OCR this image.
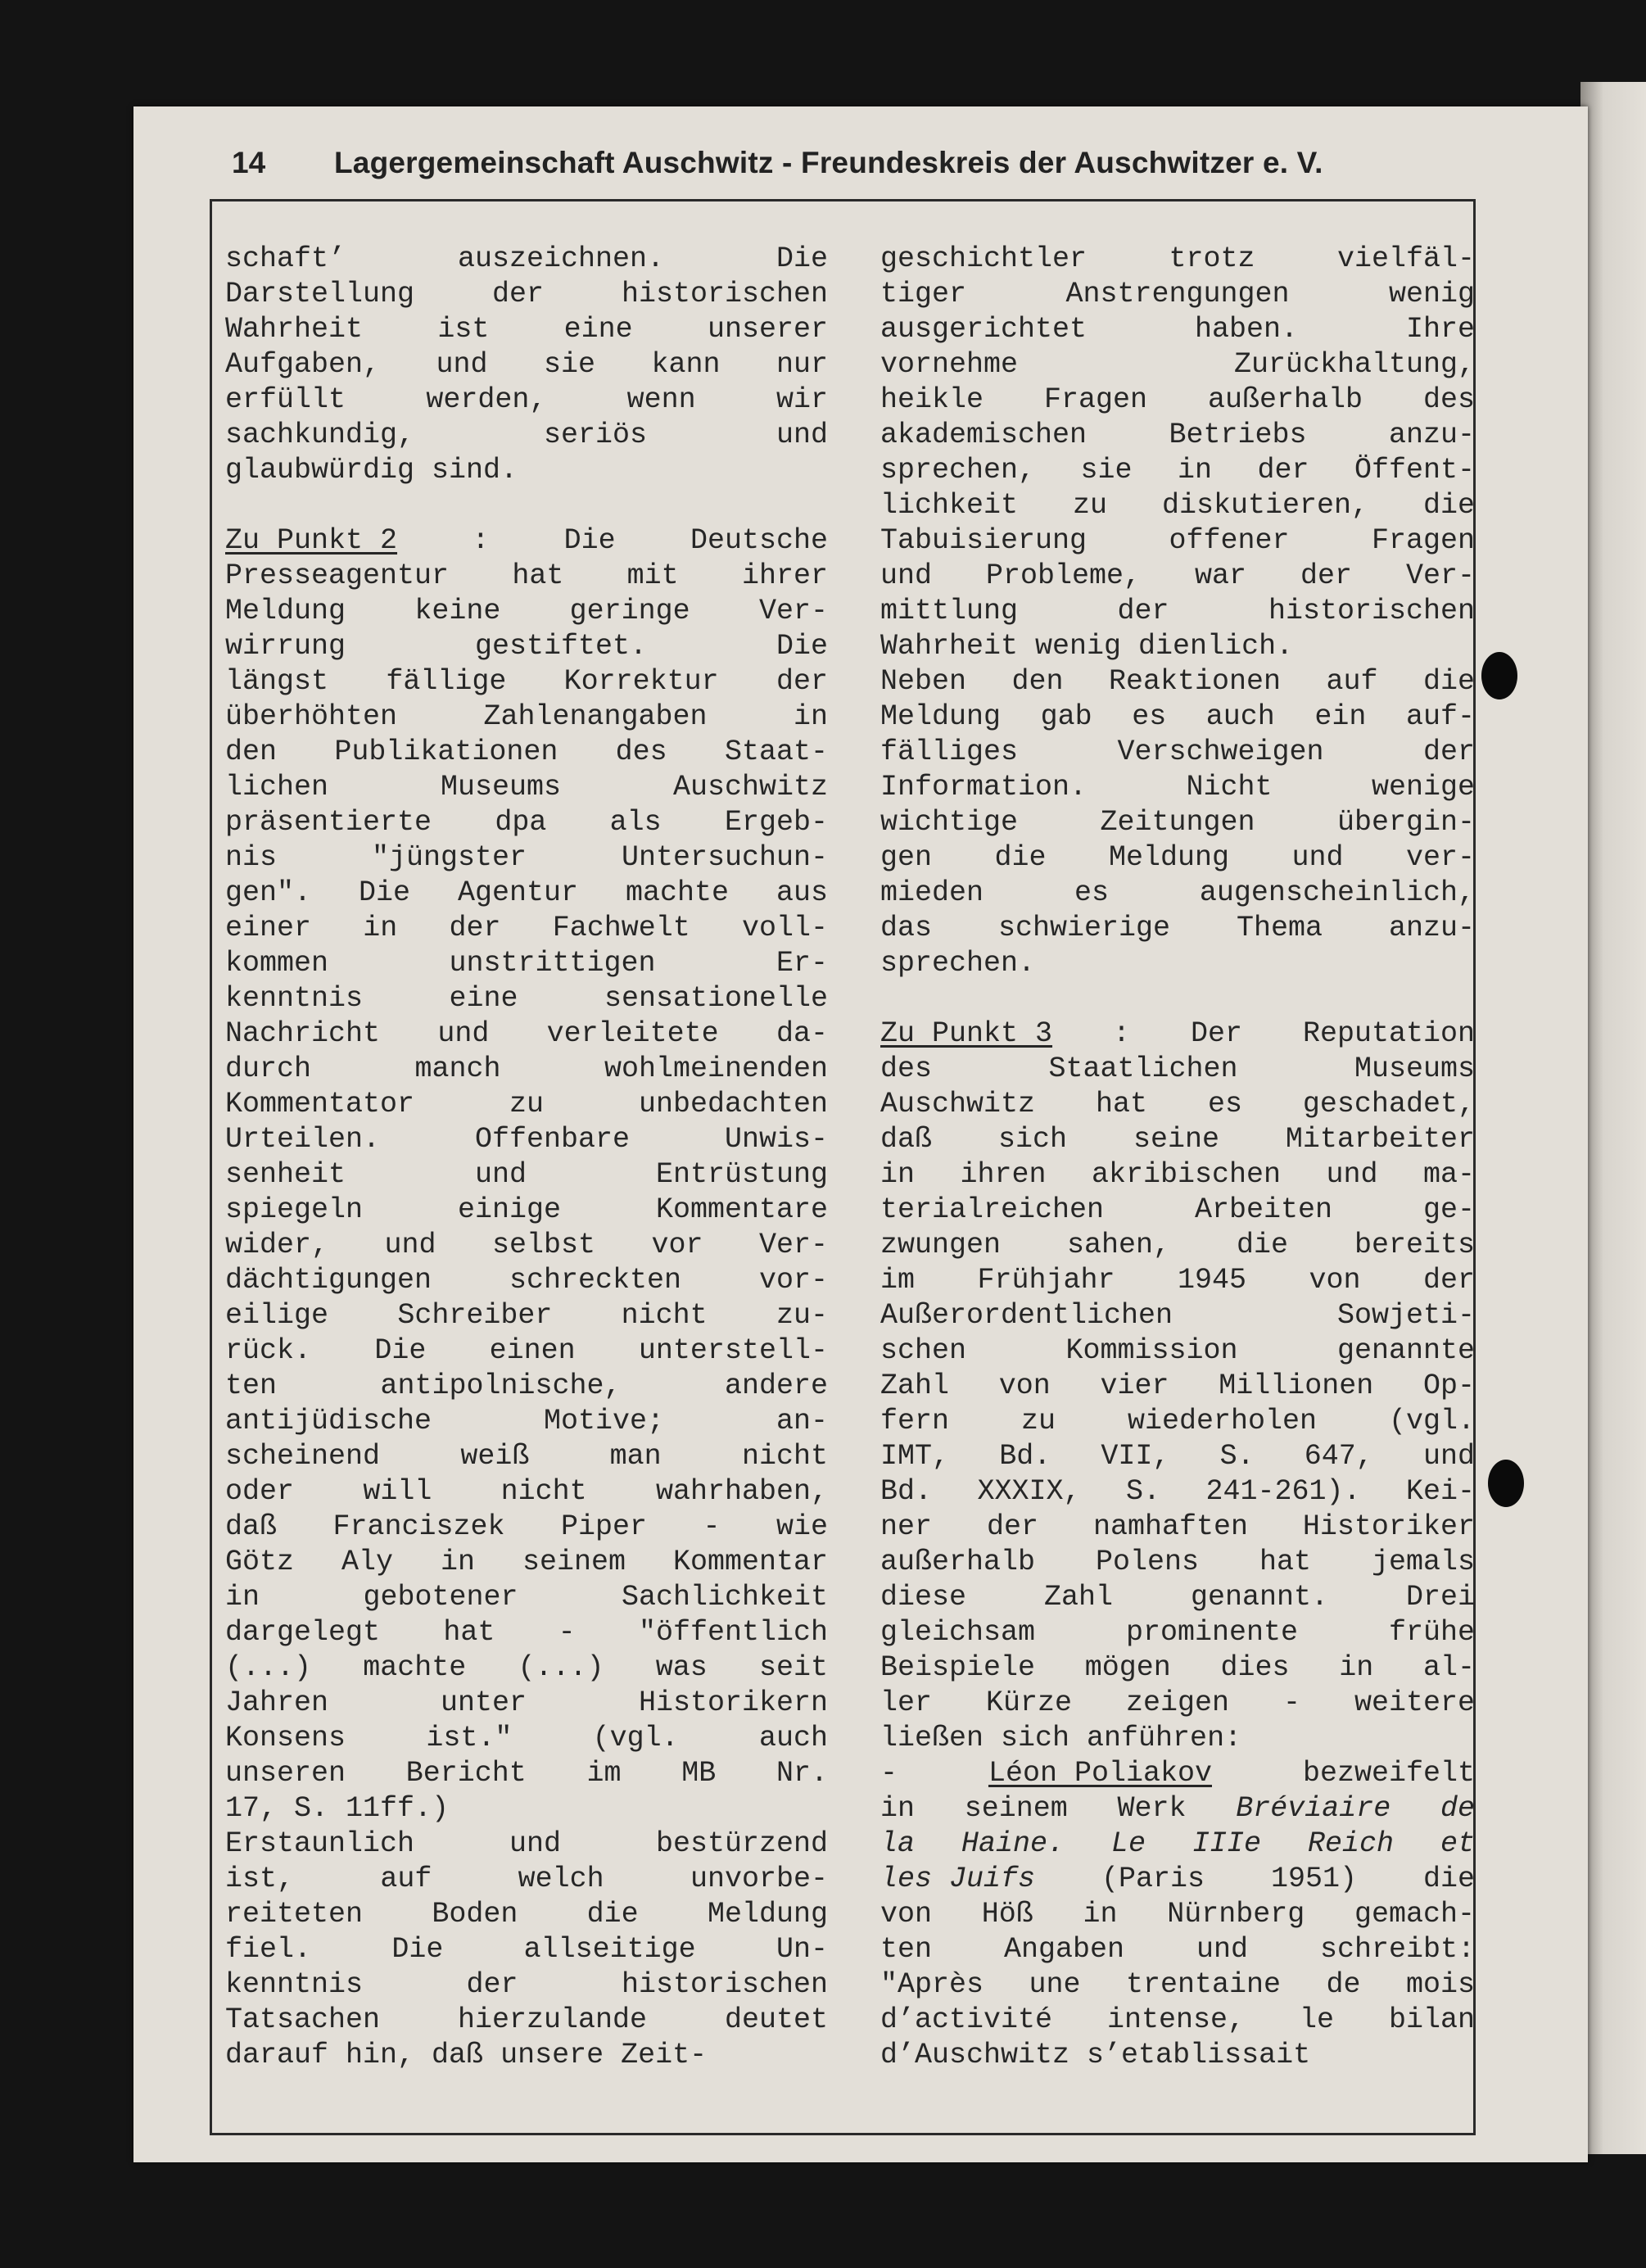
14 Lagergemeinschaft Auschwitz - Freundeskreis der Auschwitzer e. V.
schaft’	auszeichnen.	Die
Darstellung	der	historischen
Wahrheit	ist	eine	unserer
Aufgaben, und sie kann nur
erfüllt	werden,	wenn	wir
sachkundig,	seriös	und
glaubwürdig sind.
Zu Punkt 2	:	Die	Deutsche
Presseagentur hat mit ihrer
Meldung keine geringe Ver-
wirrung	gestiftet.	Die
längst fällige Korrektur der
überhöhten	Zahlenangaben	in
den Publikationen des Staat-
lichen	Museums	Auschwitz
präsentierte dpa als Ergeb-
nis	"jüngster	Untersuchun-
gen". Die Agentur machte aus
einer in der Fachwelt voll-
kommen	unstrittigen	Er-
kenntnis	eine	sensationelle
Nachricht und verleitete da-
durch	manch	wohlmeinenden
Kommentator	zu	unbedachten
Urteilen.	Offenbare	Unwis-
senheit	und	Entrüstung
spiegeln	einige	Kommentare
wider, und selbst vor Ver-
dächtigungen	schreckten	vor-
eilige Schreiber nicht zu-
rück. Die einen unterstell-
ten	antipolnische,	andere
antijüdische	Motive;	an-
scheinend	weiß	man	nicht
oder will nicht wahrhaben,
daß Franciszek Piper - wie
Götz Aly in seinem Kommentar
in	gebotener	Sachlichkeit
dargelegt hat - "öffentlich
(...) machte (...) was seit
Jahren	unter	Historikern
Konsens	ist."	(vgl.	auch
unseren Bericht im MB Nr.
17, S. 11ff.)
Erstaunlich	und	bestürzend
ist,	auf	welch	unvorbe-
reiteten Boden die Meldung
fiel.	Die	allseitige	Un-
kenntnis	der	historischen
Tatsachen	hierzulande	deutet
darauf hin, daß unsere Zeit-
geschichtler	trotz	vielfäl-
tiger	Anstrengungen	wenig
ausgerichtet	haben.	Ihre
vornehme	Zurückhaltung,
heikle Fragen außerhalb des
akademischen	Betriebs	anzu-
sprechen, sie in der Öffent-
lichkeit zu diskutieren, die
Tabuisierung	offener	Fragen
und Probleme, war der Ver-
mittlung	der	historischen
Wahrheit wenig dienlich.
Neben den Reaktionen auf die
Meldung gab es auch ein auf-
fälliges	Verschweigen	der
Information.	Nicht	wenige
wichtige	Zeitungen	übergin-
gen die Meldung und ver-
mieden	es	augenscheinlich,
das schwierige Thema anzu-
sprechen.
Zu Punkt 3 : Der Reputation
des	Staatlichen	Museums
Auschwitz hat es geschadet,
daß sich seine Mitarbeiter
in ihren akribischen und ma-
terialreichen	Arbeiten	ge-
zwungen sahen, die bereits
im Frühjahr 1945 von der
Außerordentlichen	Sowjeti-
schen	Kommission	genannte
Zahl von vier Millionen Op-
fern	zu	wiederholen	(vgl.
IMT, Bd. VII, S. 647, und
Bd. XXXIX, S. 241-261). Kei-
ner der namhaften Historiker
außerhalb Polens hat jemals
diese	Zahl	genannt.	Drei
gleichsam	prominente	frühe
Beispiele mögen dies in al-
ler Kürze zeigen - weitere
ließen sich anführen:
-	Léon Poliakov	bezweifelt
in seinem Werk Bréviaire de
la Haine. Le IIIe Reich et
les Juifs (Paris 1951) die
von Höß in Nürnberg gemach-
ten	Angaben	und	schreibt:
"Après une trentaine de mois
d’activité intense, le bilan
d’Auschwitz s’etablissait
